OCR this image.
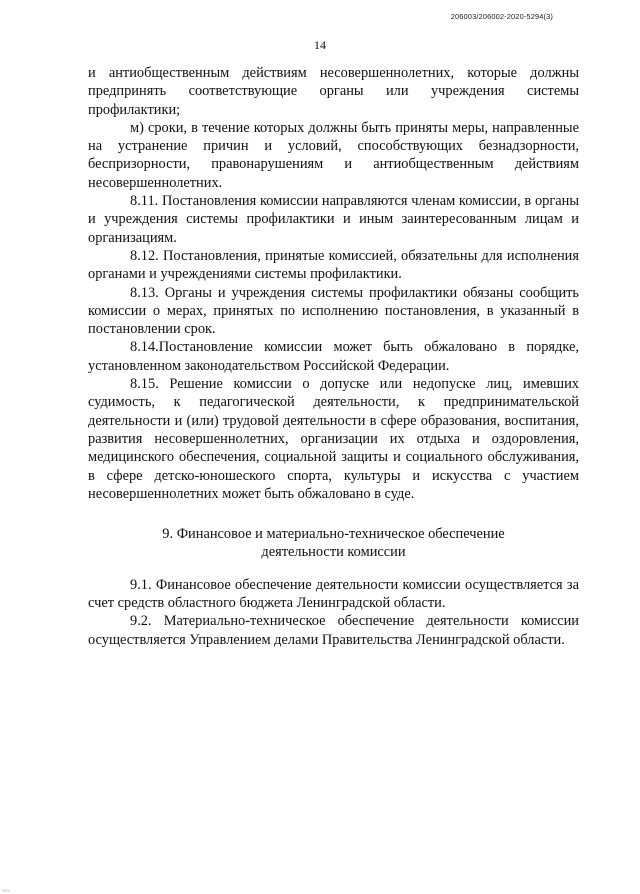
206003/206002-2020-5294(3)
14

и антиобщественным действиям несовершеннолетних, которые должны предпринять соответствующие органы или учреждения системы профилактики;

м) сроки, в течение которых должны быть приняты меры, направленные на устранение причин и условий, способствующих безнадзорности, беспризорности, правонарушениям и антиобщественным действиям несовершеннолетних.

8.11. Постановления комиссии направляются членам комиссии, в органы и учреждения системы профилактики и иным заинтересованным лицам и организациям.

8.12. Постановления, принятые комиссией, обязательны для исполнения органами и учреждениями системы профилактики.

8.13. Органы и учреждения системы профилактики обязаны сообщить комиссии о мерах, принятых по исполнению постановления, в указанный в постановлении срок.

8.14.Постановление комиссии может быть обжаловано в порядке, установленном законодательством Российской Федерации.

8.15. Решение комиссии о допуске или недопуске лиц, имевших судимость, к педагогической деятельности, к предпринимательской деятельности и (или) трудовой деятельности в сфере образования, воспитания, развития несовершеннолетних, организации их отдыха и оздоровления, медицинского обеспечения, социальной защиты и социального обслуживания, в сфере детско-юношеского спорта, культуры и искусства с участием несовершеннолетних может быть обжаловано в суде.

9. Финансовое и материально-техническое обеспечение
деятельности комиссии

9.1. Финансовое обеспечение деятельности комиссии осуществляется за счет средств областного бюджета Ленинградской области.

9.2. Материально-техническое обеспечение деятельности комиссии осуществляется Управлением делами Правительства Ленинградской области.
